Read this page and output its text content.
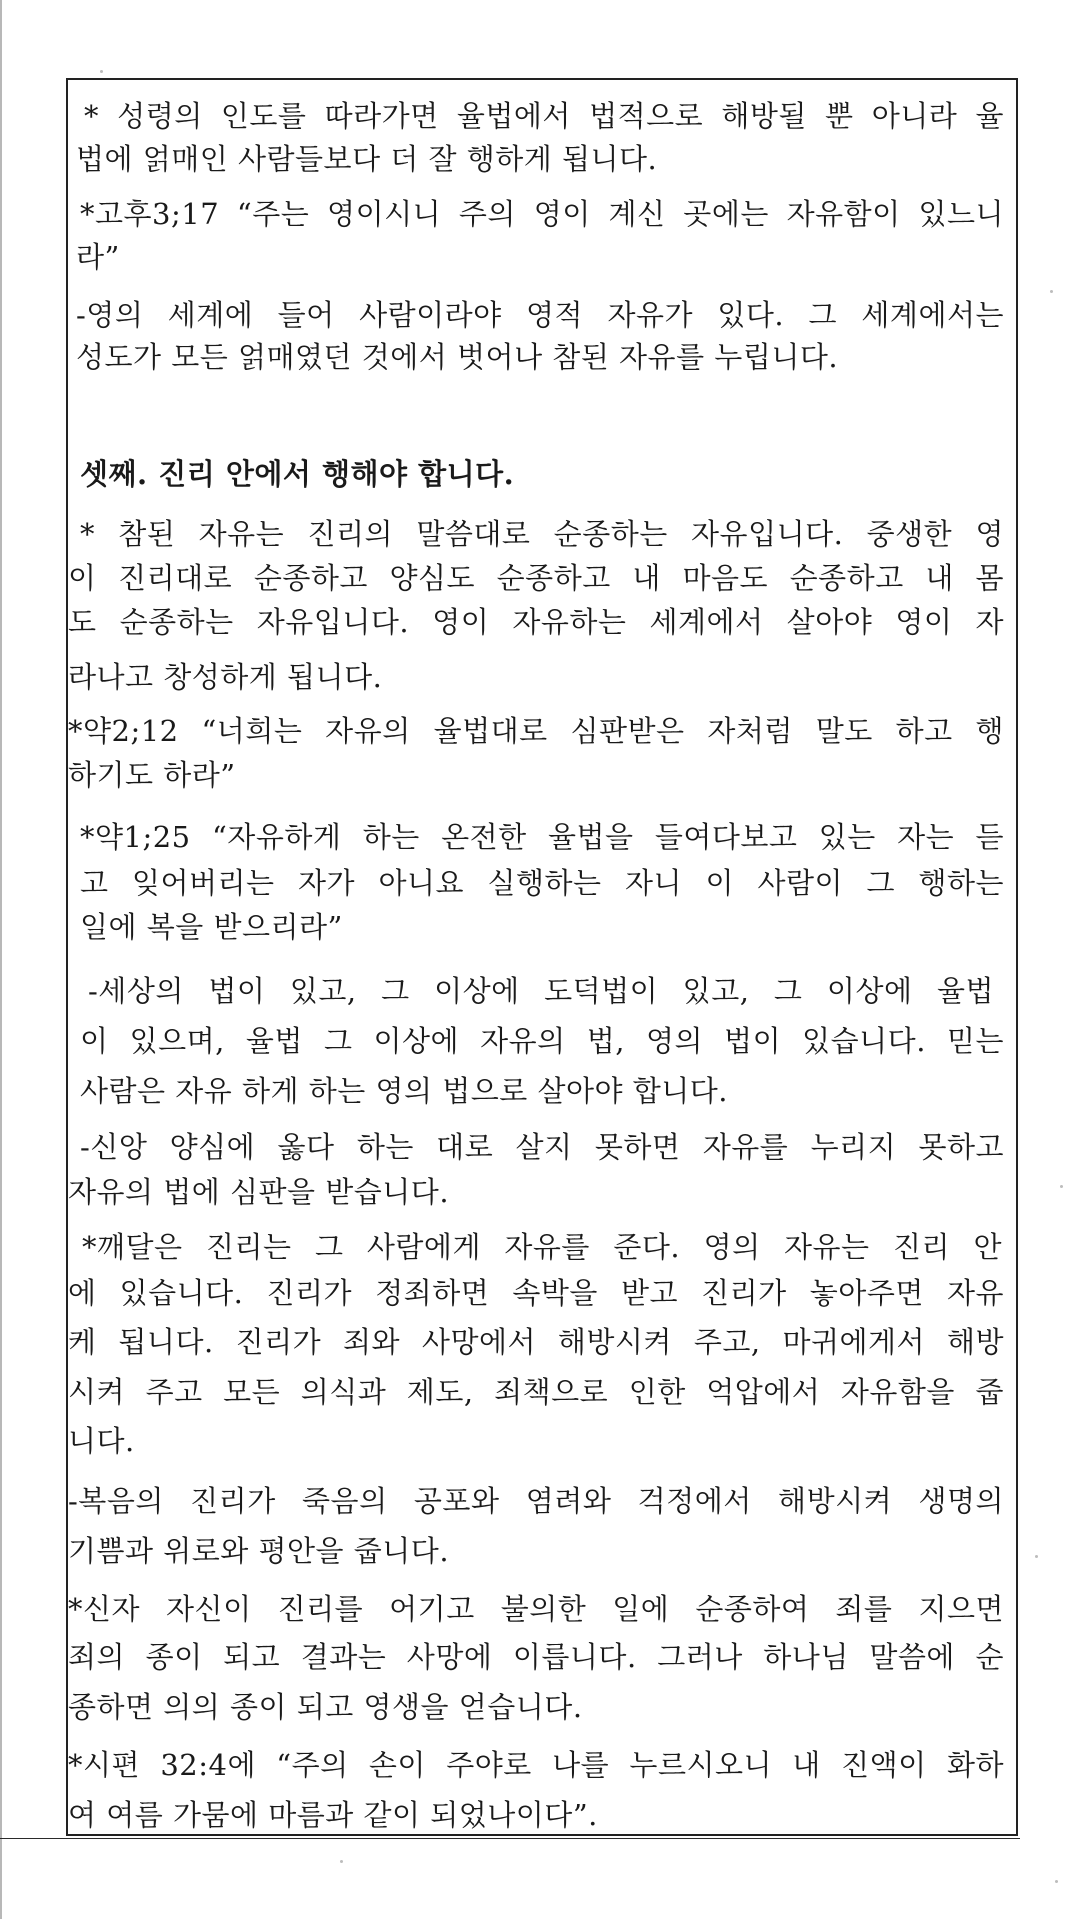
* 성령의 인도를 따라가면 율법에서 법적으로 해방될 뿐 아니라 율
법에 얽매인 사람들보다 더 잘 행하게 됩니다.
*고후3;17 “주는 영이시니 주의 영이 계신 곳에는 자유함이 있느니
라”
-영의 세계에 들어 사람이라야 영적 자유가 있다. 그 세계에서는
성도가 모든 얽매였던 것에서 벗어나 참된 자유를 누립니다.
셋째. 진리 안에서 행해야 합니다.
* 참된 자유는 진리의 말씀대로 순종하는 자유입니다. 중생한 영
이 진리대로 순종하고 양심도 순종하고 내 마음도 순종하고 내 몸
도 순종하는 자유입니다. 영이 자유하는 세계에서 살아야 영이 자
라나고 창성하게 됩니다.
*약2;12 “너희는 자유의 율법대로 심판받은 자처럼 말도 하고 행
하기도 하라”
*약1;25 “자유하게 하는 온전한 율법을 들여다보고 있는 자는 듣
고 잊어버리는 자가 아니요 실행하는 자니 이 사람이 그 행하는
일에 복을 받으리라”
-세상의 법이 있고, 그 이상에 도덕법이 있고, 그 이상에 율법
이 있으며, 율법 그 이상에 자유의 법, 영의 법이 있습니다. 믿는
사람은 자유 하게 하는 영의 법으로 살아야 합니다.
-신앙 양심에 옳다 하는 대로 살지 못하면 자유를 누리지 못하고
자유의 법에 심판을 받습니다.
*깨달은 진리는 그 사람에게 자유를 준다. 영의 자유는 진리 안
에 있습니다. 진리가 정죄하면 속박을 받고 진리가 놓아주면 자유
케 됩니다. 진리가 죄와 사망에서 해방시켜 주고, 마귀에게서 해방
시켜 주고 모든 의식과 제도, 죄책으로 인한 억압에서 자유함을 줍
니다.
-복음의 진리가 죽음의 공포와 염려와 걱정에서 해방시켜 생명의
기쁨과 위로와 평안을 줍니다.
*신자 자신이 진리를 어기고 불의한 일에 순종하여 죄를 지으면
죄의 종이 되고 결과는 사망에 이릅니다. 그러나 하나님 말씀에 순
종하면 의의 종이 되고 영생을 얻습니다.
*시편 32:4에 “주의 손이 주야로 나를 누르시오니 내 진액이 화하
여 여름 가뭄에 마름과 같이 되었나이다”.
